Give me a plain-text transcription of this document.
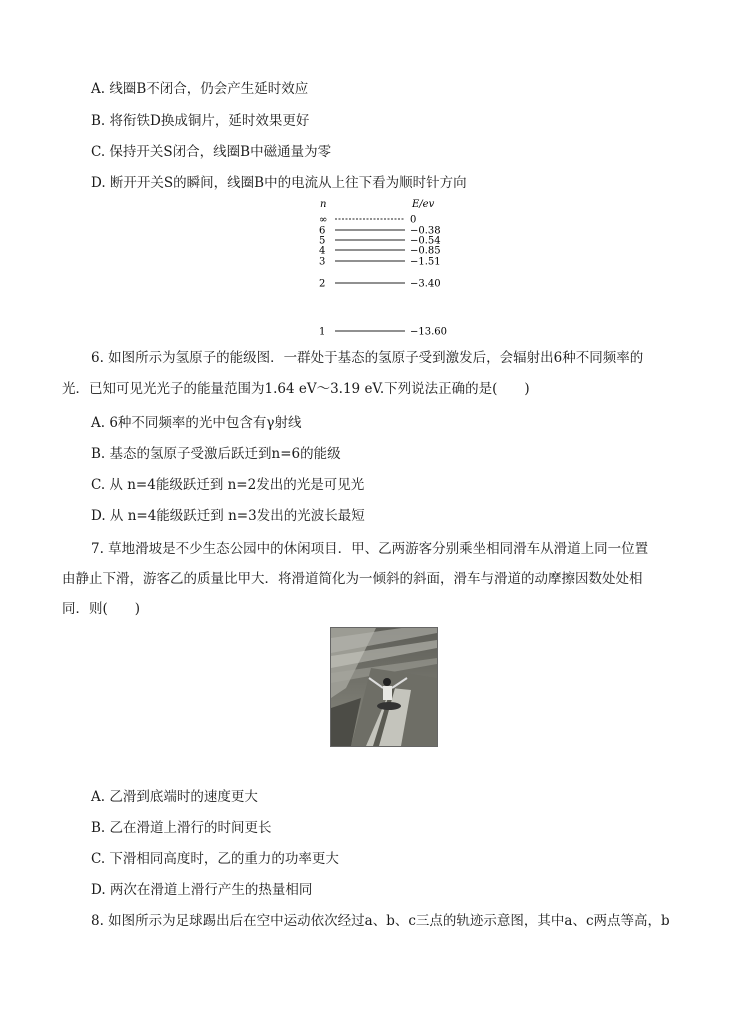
A. 线圈B不闭合，仍会产生延时效应
B. 将衔铁D换成铜片，延时效果更好
C. 保持开关S闭合，线圈B中磁通量为零
D. 断开开关S的瞬间，线圈B中的电流从上往下看为顺时针方向
n	E/ev
∞	0
6	−0.38
5	−0.54
4	−0.85
3	−1.51
2	−3.40
1	−13.60
6. 如图所示为氢原子的能级图．一群处于基态的氢原子受到激发后，会辐射出6种不同频率的
光．已知可见光光子的能量范围为1.64 eV～3.19 eV.下列说法正确的是(　　)
A. 6种不同频率的光中包含有γ射线
B. 基态的氢原子受激后跃迁到n=6的能级
C. 从 n=4能级跃迁到 n=2发出的光是可见光
D. 从 n=4能级跃迁到 n=3发出的光波长最短
7. 草地滑坡是不少生态公园中的休闲项目．甲、乙两游客分别乘坐相同滑车从滑道上同一位置
由静止下滑，游客乙的质量比甲大．将滑道简化为一倾斜的斜面，滑车与滑道的动摩擦因数处处相
同．则(　　)
A. 乙滑到底端时的速度更大
B. 乙在滑道上滑行的时间更长
C. 下滑相同高度时，乙的重力的功率更大
D. 两次在滑道上滑行产生的热量相同
8. 如图所示为足球踢出后在空中运动依次经过a、b、c三点的轨迹示意图，其中a、c两点等高，b
